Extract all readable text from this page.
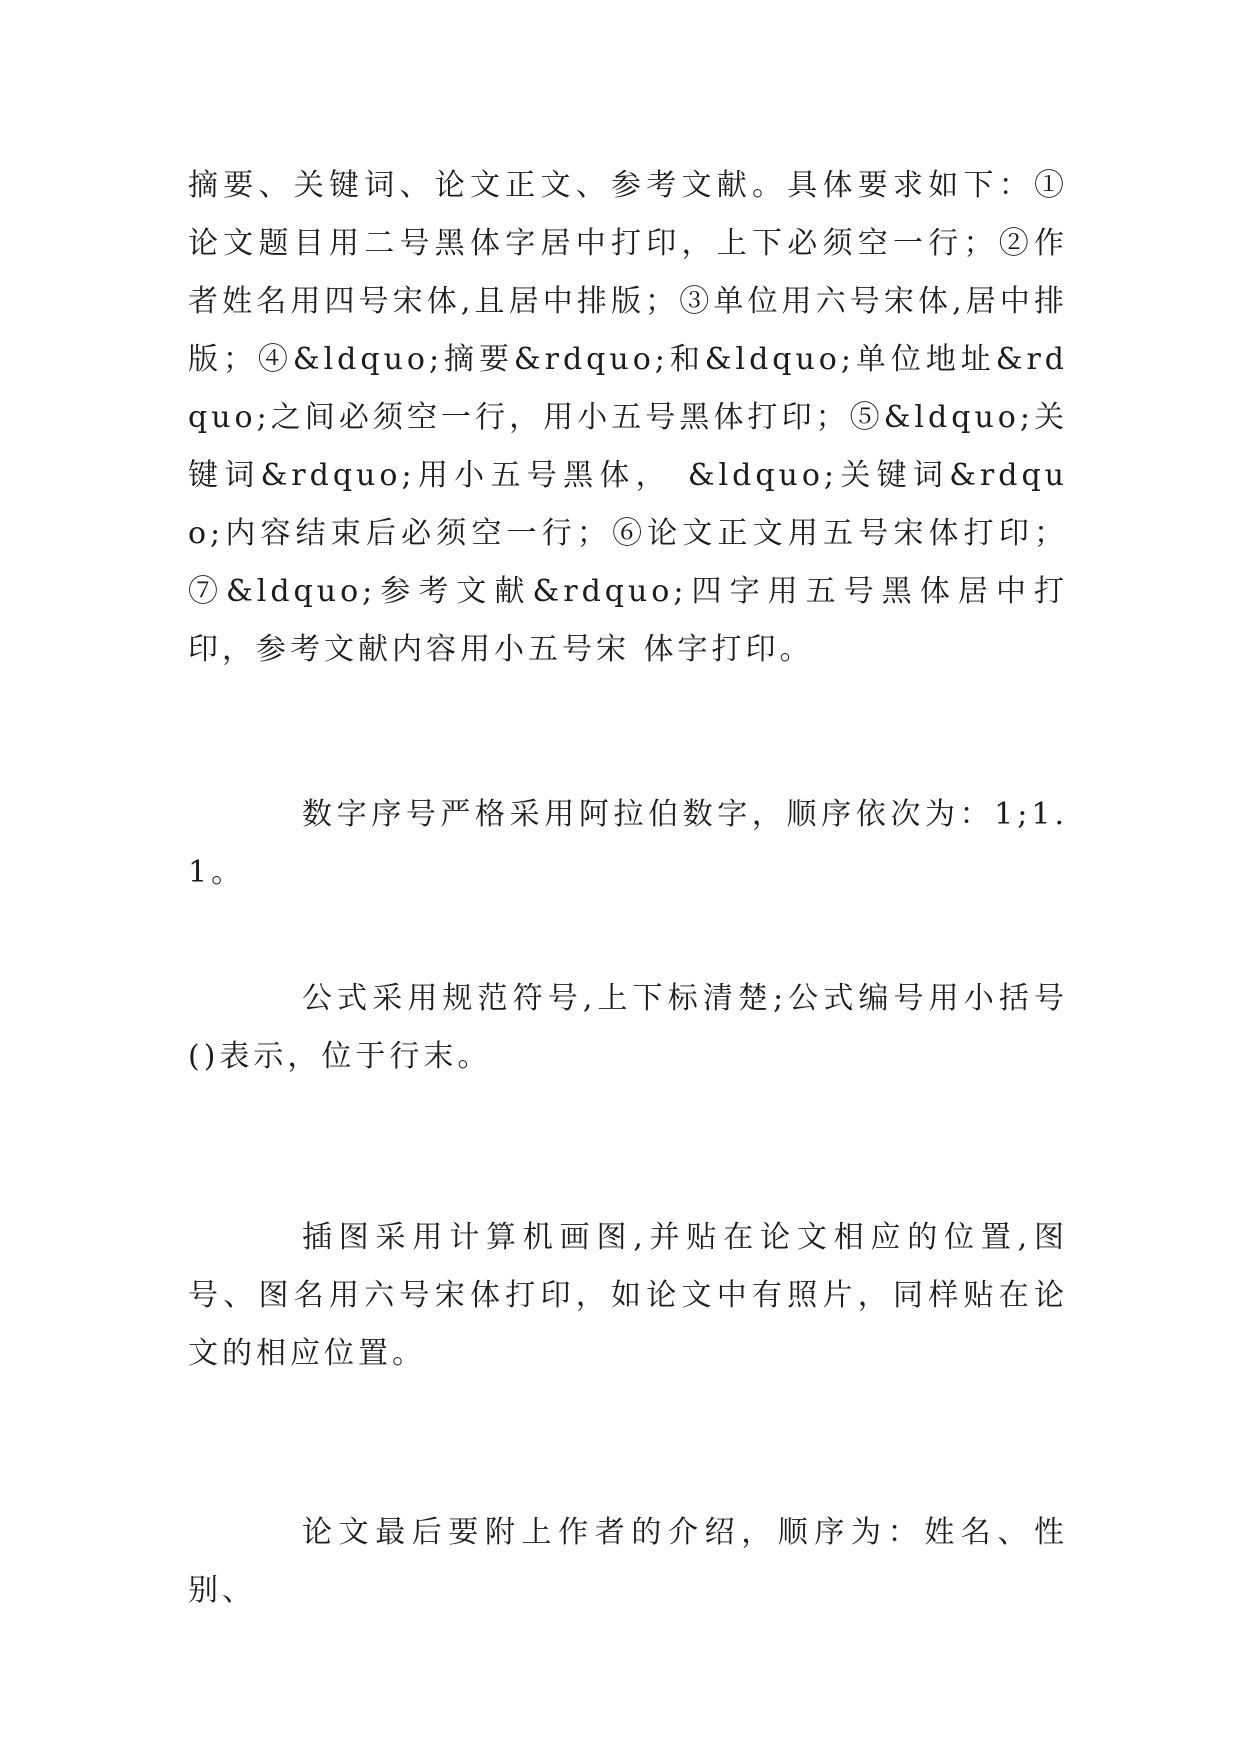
摘要、关键词、论文正文、参考文献。具体要求如下：①论文题目用二号黑体字居中打印，上下必须空一行；②作者姓名用四号宋体,且居中排版；③单位用六号宋体,居中排版；④&ldquo;摘要&rdquo;和&ldquo;单位地址&rdquo;之间必须空一行，用小五号黑体打印；⑤&ldquo;关键词&rdquo;用小五号黑体， &ldquo;关键词&rdquo;内容结束后必须空一行；⑥论文正文用五号宋体打印；⑦&ldquo;参考文献&rdquo;四字用五号黑体居中打印，参考文献内容用小五号宋 体字打印。

数字序号严格采用阿拉伯数字，顺序依次为：1;1.1。

公式采用规范符号,上下标清楚;公式编号用小括号()表示，位于行末。

插图采用计算机画图,并贴在论文相应的位置,图号、图名用六号宋体打印，如论文中有照片，同样贴在论文的相应位置。

论文最后要附上作者的介绍，顺序为：姓名、性别、
